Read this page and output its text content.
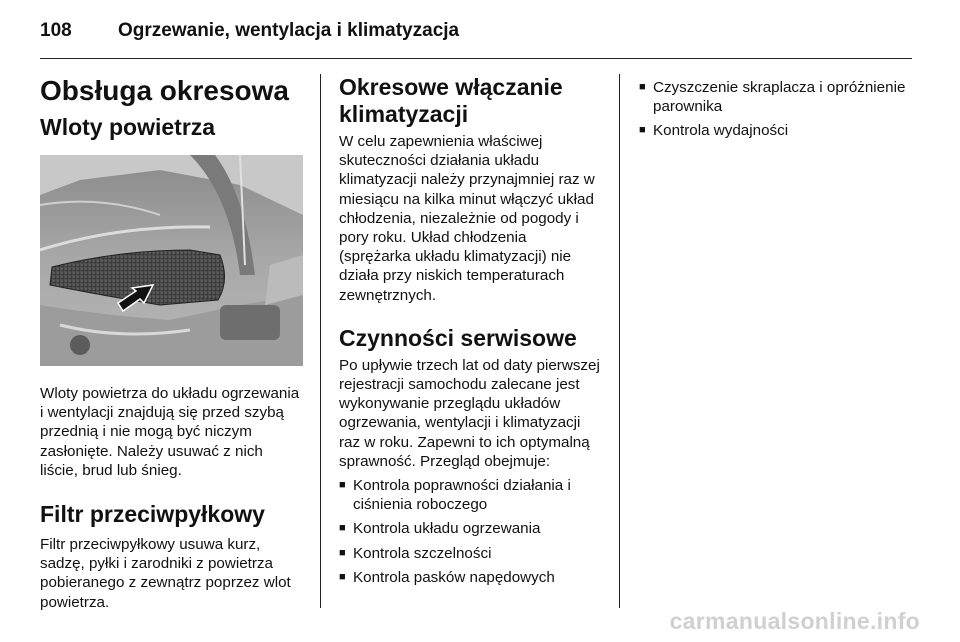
108 Ogrzewanie, wentylacja i klimatyzacja
Obsługa okresowa
Wloty powietrza

Wloty powietrza do układu ogrzewania i wentylacji znajdują się przed szybą przednią i nie mogą być niczym zasłonięte. Należy usuwać z nich liście, brud lub śnieg.

Filtr przeciwpyłkowy

Filtr przeciwpyłkowy usuwa kurz, sadzę, pyłki i zarodniki z powietrza pobieranego z zewnątrz poprzez wlot powietrza.

Okresowe włączanie klimatyzacji

W celu zapewnienia właściwej skuteczności działania układu klimatyzacji należy przynajmniej raz w miesiącu na kilka minut włączyć układ chłodzenia, niezależnie od pogody i pory roku. Układ chłodzenia (sprężarka układu klimatyzacji) nie działa przy niskich temperaturach zewnętrznych.

Czynności serwisowe

Po upływie trzech lat od daty pierwszej rejestracji samochodu zalecane jest wykonywanie przeglądu układów ogrzewania, wentylacji i klimatyzacji raz w roku. Zapewni to ich optymalną sprawność. Przegląd obejmuje:

■ Kontrola poprawności działania i ciśnienia roboczego
■ Kontrola układu ogrzewania
■ Kontrola szczelności
■ Kontrola pasków napędowych
■ Czyszczenie skraplacza i opróżnienie parownika
■ Kontrola wydajności
carmanualsonline.info
